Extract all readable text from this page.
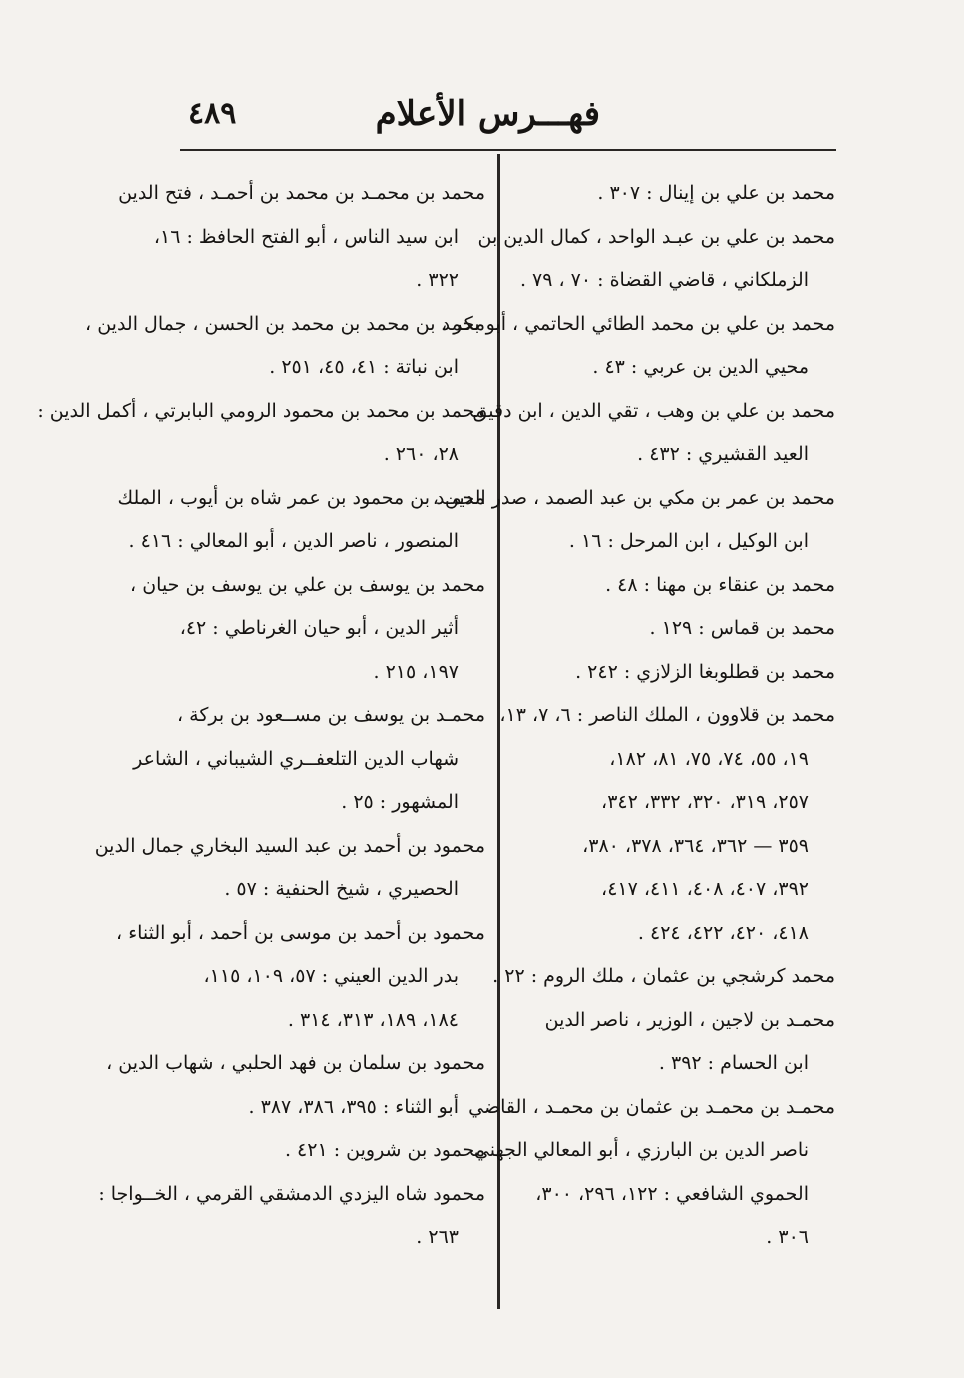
٤٨٩	فهـــرس الأعلام
محمد بن علي بن إينال : ٣٠٧ .
محمد بن علي بن عبـد الواحد ، كمال الدين بن
الزملكاني ، قاضي القضاة : ٧٠ ، ٧٩ .
محمد بن علي بن محمد الطائي الحاتمي ، أبو بكر ،
محيي الدين بن عربي : ٤٣ .
محمد بن علي بن وهب ، تقي الدين ، ابن دقيق
العيد القشيري : ٤٣٢ .
محمد بن عمر بن مكي بن عبد الصمد ، صدر الدين ،
ابن الوكيل ، ابن المرحل : ١٦ .
محمد بن عنقاء بن مهنا : ٤٨ .
محمد بن قماس : ١٢٩ .
محمد بن قطلوبغا الزلازي : ٢٤٢ .
محمد بن قلاوون ، الملك الناصر : ٦، ٧، ١٣،
١٩، ٥٥، ٧٤، ٧٥، ٨١، ١٨٢،
٢٥٧، ٣١٩، ٣٢٠، ٣٣٢، ٣٤٢،
٣٥٩ — ٣٦٢، ٣٦٤، ٣٧٨، ٣٨٠،
٣٩٢، ٤٠٧، ٤٠٨، ٤١١، ٤١٧،
٤١٨، ٤٢٠، ٤٢٢، ٤٢٤ .
محمد كرشجي بن عثمان ، ملك الروم : ٢٢ .
محمـد بن لاجين ، الوزير ، ناصر الدين
ابن الحسام : ٣٩٢ .
محمـد بن محمـد بن عثمان بن محمـد ، القاضي
ناصر الدين بن البارزي ، أبو المعالي الجهني
الحموي الشافعي : ١٢٢، ٢٩٦، ٣٠٠،
٣٠٦ .
محمد بن محمـد بن محمد بن أحمـد ، فتح الدين
ابن سيد الناس ، أبو الفتح الحافظ : ١٦،
٣٢٢ .
محمد بن محمد بن محمد بن الحسن ، جمال الدين ،
ابن نباتة : ٤١، ٤٥، ٢٥١ .
محمد بن محمد بن محمود الرومي البابرتي ، أكمل الدين :
٢٨، ٢٦٠ .
محمـد بن محمود بن عمر شاه بن أيوب ، الملك
المنصور ، ناصر الدين ، أبو المعالي : ٤١٦ .
محمد بن يوسف بن علي بن يوسف بن حيان ،
أثير الدين ، أبو حيان الغرناطي : ٤٢،
١٩٧، ٢١٥ .
محمـد بن يوسف بن مســعود بن بركة ،
شهاب الدين التلعفــري الشيباني ، الشاعر
المشهور : ٢٥ .
محمود بن أحمد بن عبد السيد البخاري جمال الدين
الحصيري ، شيخ الحنفية : ٥٧ .
محمود بن أحمد بن موسى بن أحمد ، أبو الثناء ،
بدر الدين العيني : ٥٧، ١٠٩، ١١٥،
١٨٤، ١٨٩، ٣١٣، ٣١٤ .
محمود بن سلمان بن فهد الحلبي ، شهاب الدين ،
أبو الثناء : ٣٩٥، ٣٨٦، ٣٨٧ .
محمود بن شروين : ٤٢١ .
محمود شاه اليزدي الدمشقي القرمي ، الخــواجا :
٢٦٣ .
